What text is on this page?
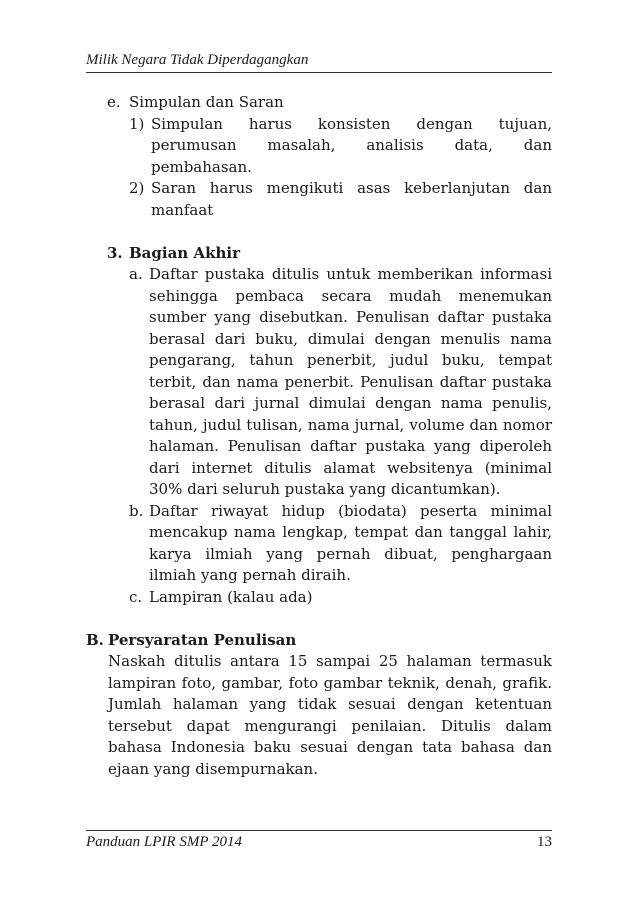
Milik Negara Tidak Diperdagangkan
e. Simpulan dan Saran
1) Simpulan harus konsisten dengan tujuan, perumusan masalah, analisis data, dan pembahasan.
2) Saran harus mengikuti asas keberlanjutan dan manfaat
3. Bagian Akhir
a. Daftar pustaka ditulis untuk memberikan informasi sehingga pembaca secara mudah menemukan sumber yang disebutkan. Penulisan daftar pustaka berasal dari buku, dimulai dengan menulis nama pengarang, tahun penerbit, judul buku, tempat terbit, dan nama penerbit. Penulisan daftar pustaka berasal dari jurnal dimulai dengan nama penulis, tahun, judul tulisan, nama jurnal, volume dan nomor halaman. Penulisan daftar pustaka yang diperoleh dari internet ditulis alamat websitenya (minimal 30% dari seluruh pustaka yang dicantumkan).
b. Daftar riwayat hidup (biodata) peserta minimal mencakup nama lengkap, tempat dan tanggal lahir, karya ilmiah yang pernah dibuat, penghargaan ilmiah yang pernah diraih.
c. Lampiran (kalau ada)
B. Persyaratan Penulisan
Naskah ditulis antara 15 sampai 25 halaman termasuk lampiran foto, gambar, foto gambar teknik, denah, grafik. Jumlah halaman yang tidak sesuai dengan ketentuan tersebut dapat mengurangi penilaian. Ditulis dalam bahasa Indonesia baku sesuai dengan tata bahasa dan ejaan yang disempurnakan.
Panduan LPIR SMP 2014	13
